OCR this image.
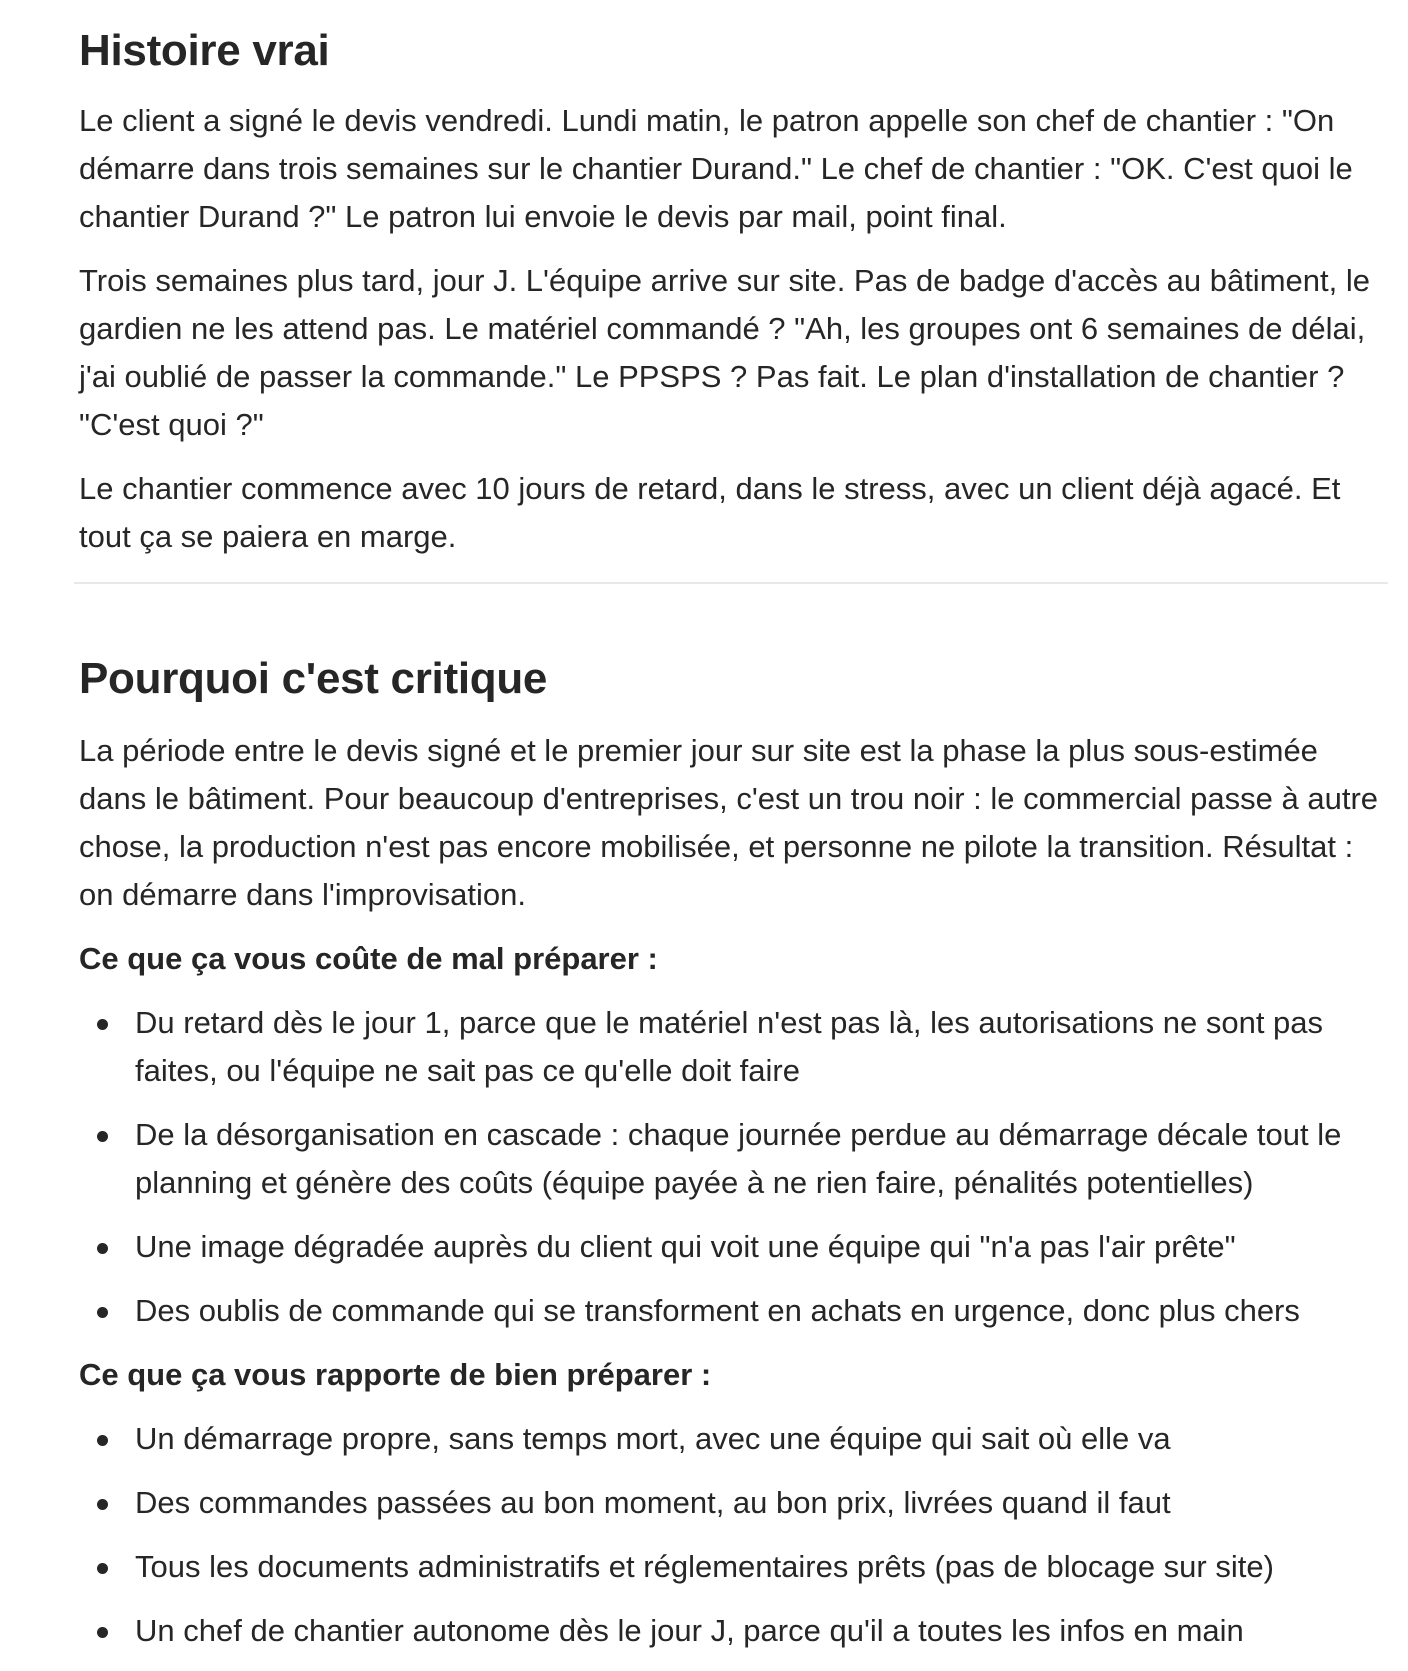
Histoire vrai

Le client a signé le devis vendredi. Lundi matin, le patron appelle son chef de chantier : "On démarre dans trois semaines sur le chantier Durand." Le chef de chantier : "OK. C'est quoi le chantier Durand ?" Le patron lui envoie le devis par mail, point final.

Trois semaines plus tard, jour J. L'équipe arrive sur site. Pas de badge d'accès au bâtiment, le gardien ne les attend pas. Le matériel commandé ? "Ah, les groupes ont 6 semaines de délai, j'ai oublié de passer la commande." Le PPSPS ? Pas fait. Le plan d'installation de chantier ? "C'est quoi ?"

Le chantier commence avec 10 jours de retard, dans le stress, avec un client déjà agacé. Et tout ça se paiera en marge.

Pourquoi c'est critique

La période entre le devis signé et le premier jour sur site est la phase la plus sous-estimée dans le bâtiment. Pour beaucoup d'entreprises, c'est un trou noir : le commercial passe à autre chose, la production n'est pas encore mobilisée, et personne ne pilote la transition. Résultat : on démarre dans l'improvisation.

Ce que ça vous coûte de mal préparer :

Du retard dès le jour 1, parce que le matériel n'est pas là, les autorisations ne sont pas faites, ou l'équipe ne sait pas ce qu'elle doit faire
De la désorganisation en cascade : chaque journée perdue au démarrage décale tout le planning et génère des coûts (équipe payée à ne rien faire, pénalités potentielles)
Une image dégradée auprès du client qui voit une équipe qui "n'a pas l'air prête"
Des oublis de commande qui se transforment en achats en urgence, donc plus chers

Ce que ça vous rapporte de bien préparer :

Un démarrage propre, sans temps mort, avec une équipe qui sait où elle va
Des commandes passées au bon moment, au bon prix, livrées quand il faut
Tous les documents administratifs et réglementaires prêts (pas de blocage sur site)
Un chef de chantier autonome dès le jour J, parce qu'il a toutes les infos en main
